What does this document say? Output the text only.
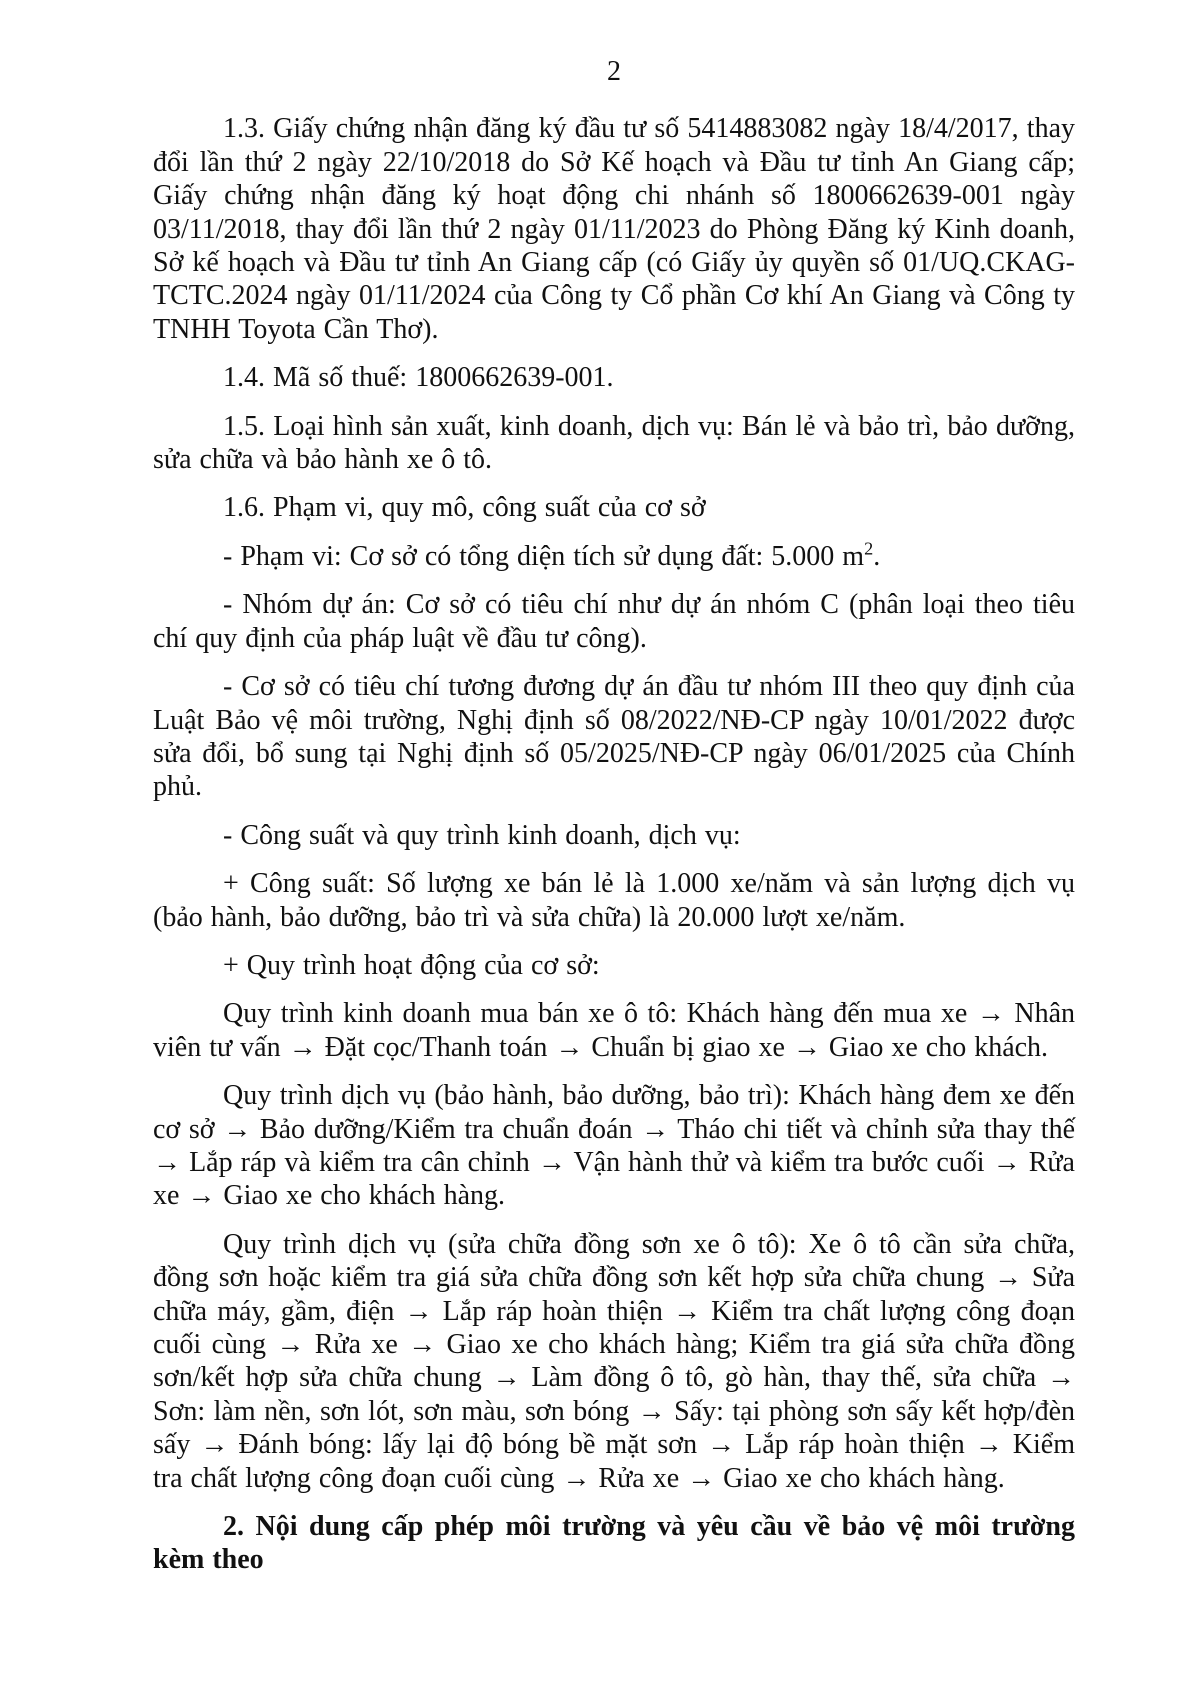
2

1.3. Giấy chứng nhận đăng ký đầu tư số 5414883082 ngày 18/4/2017, thay đổi lần thứ 2 ngày 22/10/2018 do Sở Kế hoạch và Đầu tư tỉnh An Giang cấp; Giấy chứng nhận đăng ký hoạt động chi nhánh số 1800662639-001 ngày 03/11/2018, thay đổi lần thứ 2 ngày 01/11/2023 do Phòng Đăng ký Kinh doanh, Sở kế hoạch và Đầu tư tỉnh An Giang cấp (có Giấy ủy quyền số 01/UQ.CKAG-TCTC.2024 ngày 01/11/2024 của Công ty Cổ phần Cơ khí An Giang và Công ty TNHH Toyota Cần Thơ).

1.4. Mã số thuế: 1800662639-001.

1.5. Loại hình sản xuất, kinh doanh, dịch vụ: Bán lẻ và bảo trì, bảo dưỡng, sửa chữa và bảo hành xe ô tô.

1.6. Phạm vi, quy mô, công suất của cơ sở

- Phạm vi: Cơ sở có tổng diện tích sử dụng đất: 5.000 $m^2$.

- Nhóm dự án: Cơ sở có tiêu chí như dự án nhóm C (phân loại theo tiêu chí quy định của pháp luật về đầu tư công).

- Cơ sở có tiêu chí tương đương dự án đầu tư nhóm III theo quy định của Luật Bảo vệ môi trường, Nghị định số 08/2022/NĐ-CP ngày 10/01/2022 được sửa đổi, bổ sung tại Nghị định số 05/2025/NĐ-CP ngày 06/01/2025 của Chính phủ.

- Công suất và quy trình kinh doanh, dịch vụ:

+ Công suất: Số lượng xe bán lẻ là 1.000 xe/năm và sản lượng dịch vụ (bảo hành, bảo dưỡng, bảo trì và sửa chữa) là 20.000 lượt xe/năm.

+ Quy trình hoạt động của cơ sở:

Quy trình kinh doanh mua bán xe ô tô: Khách hàng đến mua xe → Nhân viên tư vấn → Đặt cọc/Thanh toán → Chuẩn bị giao xe → Giao xe cho khách.

Quy trình dịch vụ (bảo hành, bảo dưỡng, bảo trì): Khách hàng đem xe đến cơ sở → Bảo dưỡng/Kiểm tra chuẩn đoán → Tháo chi tiết và chỉnh sửa thay thế → Lắp ráp và kiểm tra cân chỉnh → Vận hành thử và kiểm tra bước cuối → Rửa xe → Giao xe cho khách hàng.

Quy trình dịch vụ (sửa chữa đồng sơn xe ô tô): Xe ô tô cần sửa chữa, đồng sơn hoặc kiểm tra giá sửa chữa đồng sơn kết hợp sửa chữa chung → Sửa chữa máy, gầm, điện → Lắp ráp hoàn thiện → Kiểm tra chất lượng công đoạn cuối cùng → Rửa xe → Giao xe cho khách hàng; Kiểm tra giá sửa chữa đồng sơn/kết hợp sửa chữa chung → Làm đồng ô tô, gò hàn, thay thế, sửa chữa → Sơn: làm nền, sơn lót, sơn màu, sơn bóng → Sấy: tại phòng sơn sấy kết hợp/đèn sấy → Đánh bóng: lấy lại độ bóng bề mặt sơn → Lắp ráp hoàn thiện → Kiểm tra chất lượng công đoạn cuối cùng → Rửa xe → Giao xe cho khách hàng.

2. Nội dung cấp phép môi trường và yêu cầu về bảo vệ môi trường kèm theo
